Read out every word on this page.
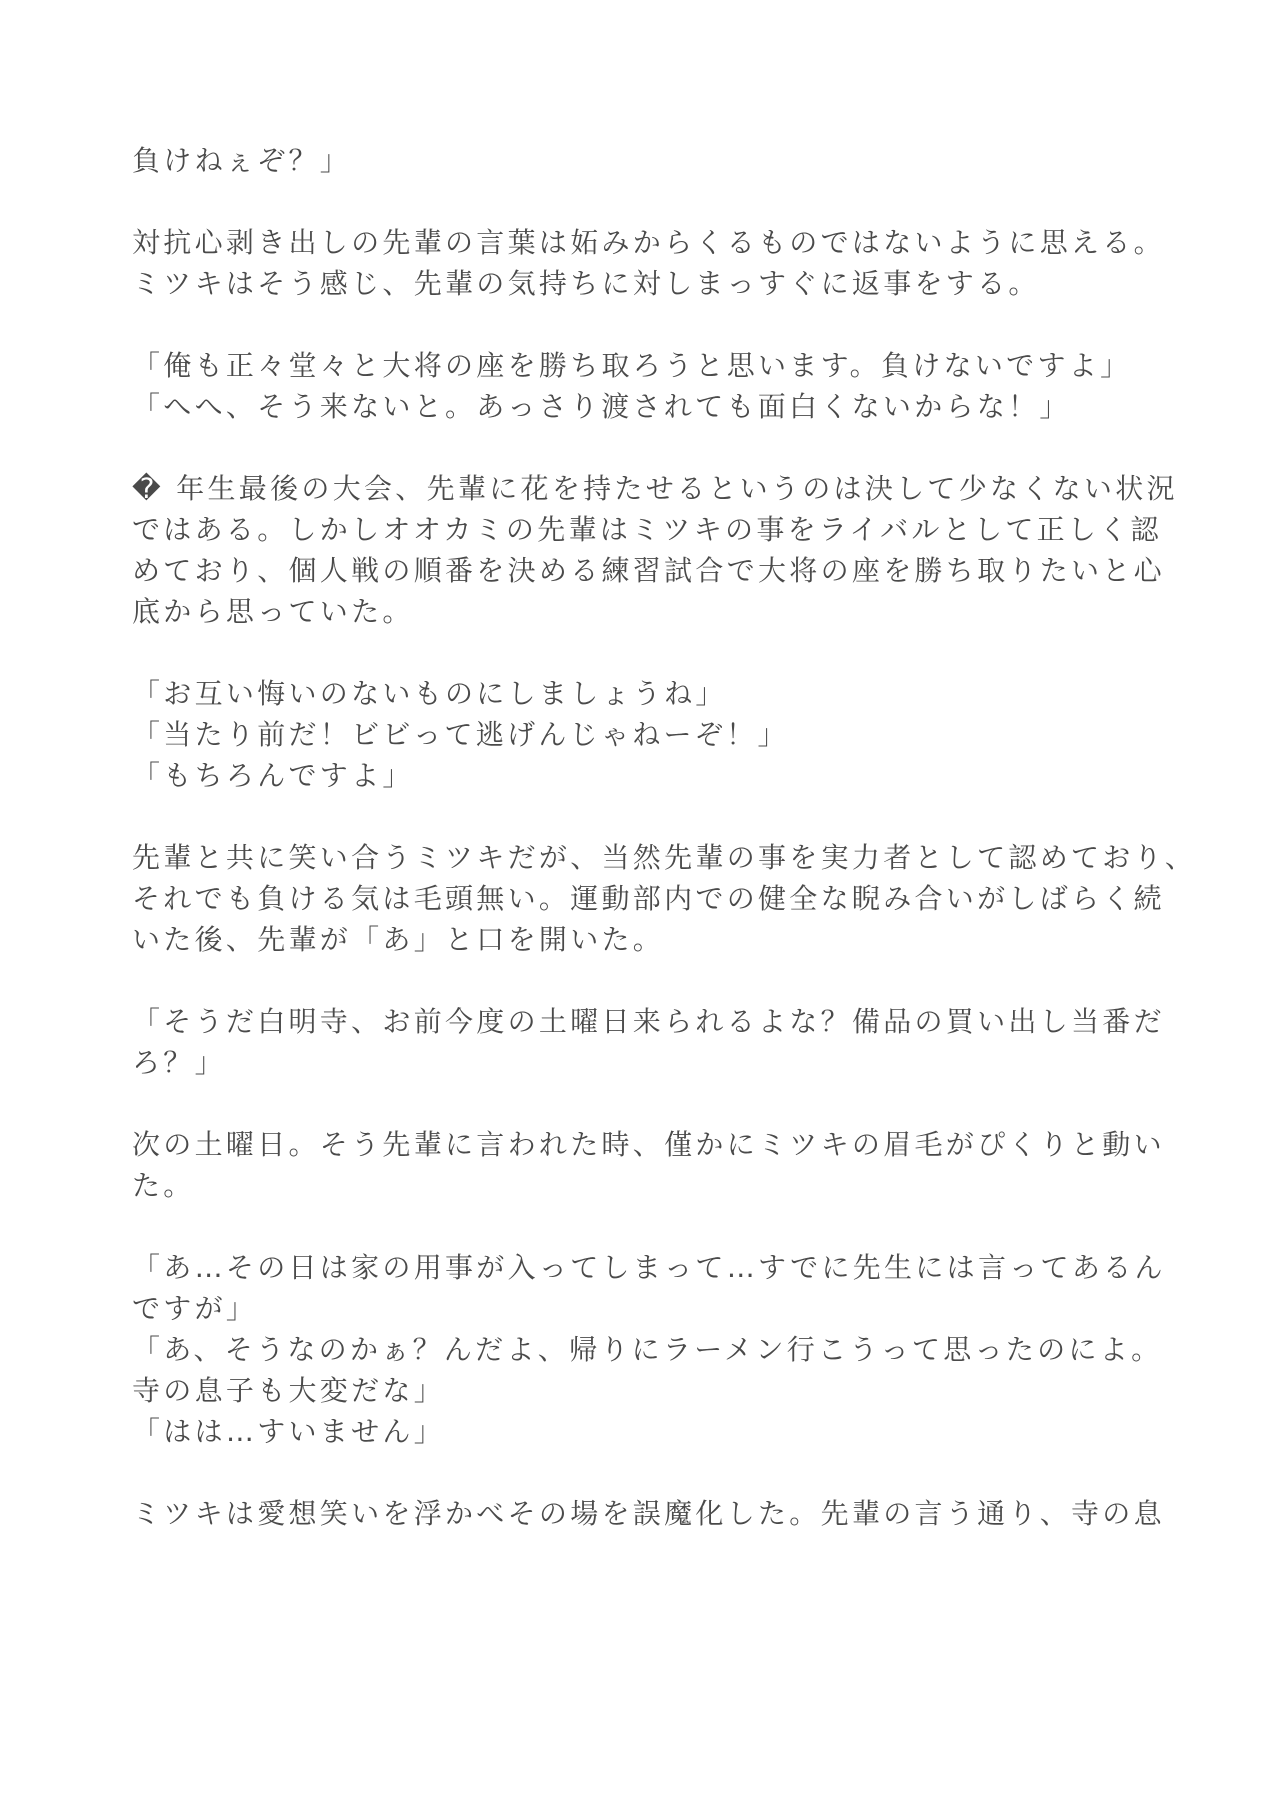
負けねぇぞ？」
対抗心剥き出しの先輩の言葉は妬みからくるものではないように思える。
ミツキはそう感じ、先輩の気持ちに対しまっすぐに返事をする。
「俺も正々堂々と大将の座を勝ち取ろうと思います。負けないですよ」
「へへ、そう来ないと。あっさり渡されても面白くないからな！」
� 年生最後の大会、先輩に花を持たせるというのは決して少なくない状況
ではある。しかしオオカミの先輩はミツキの事をライバルとして正しく認
めており、個人戦の順番を決める練習試合で大将の座を勝ち取りたいと心
底から思っていた。
「お互い悔いのないものにしましょうね」
「当たり前だ！ビビって逃げんじゃねーぞ！」
「もちろんですよ」
先輩と共に笑い合うミツキだが、当然先輩の事を実力者として認めており、
それでも負ける気は毛頭無い。運動部内での健全な睨み合いがしばらく続
いた後、先輩が「あ」と口を開いた。
「そうだ白明寺、お前今度の土曜日来られるよな？備品の買い出し当番だ
ろ？」
次の土曜日。そう先輩に言われた時、僅かにミツキの眉毛がぴくりと動い
た。
「あ…その日は家の用事が入ってしまって…すでに先生には言ってあるん
ですが」
「あ、そうなのかぁ？んだよ、帰りにラーメン行こうって思ったのによ。
寺の息子も大変だな」
「はは…すいません」
ミツキは愛想笑いを浮かべその場を誤魔化した。先輩の言う通り、寺の息
